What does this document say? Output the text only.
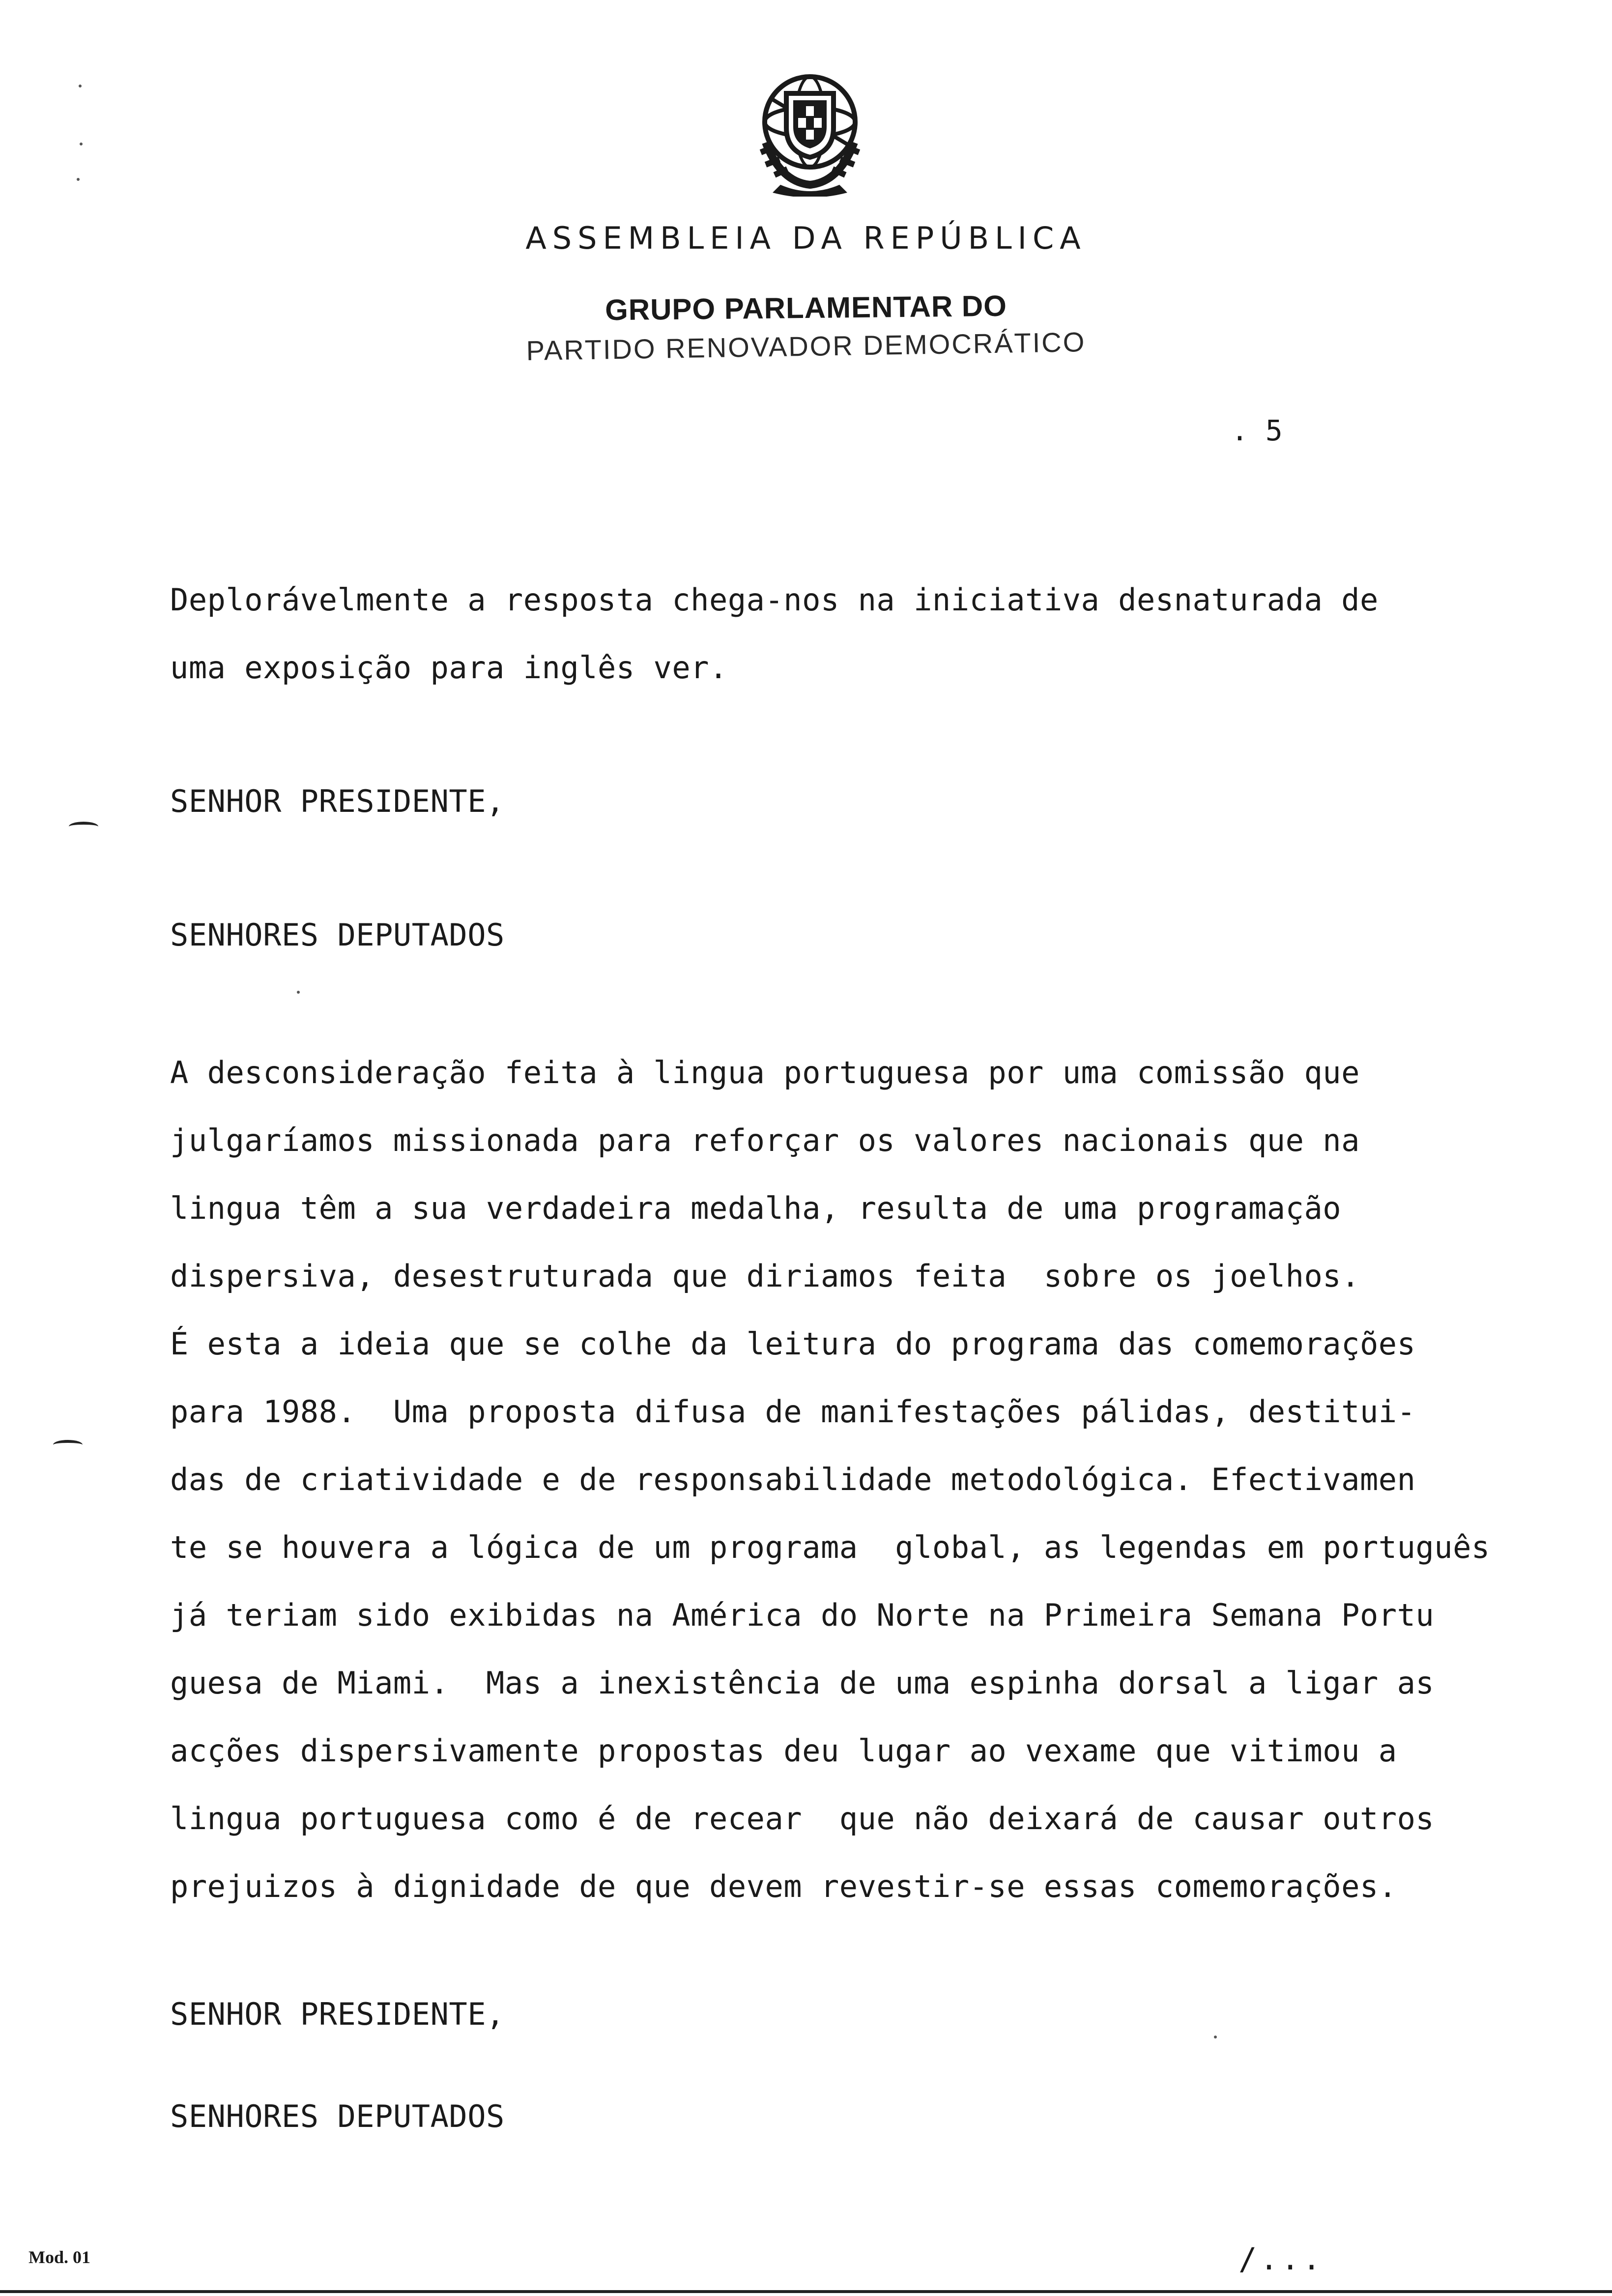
ASSEMBLEIA DA REPÚBLICA
GRUPO PARLAMENTAR DO
PARTIDO RENOVADOR DEMOCRÁTICO
. 5
Deplorávelmente a resposta chega-nos na iniciativa desnaturada de
uma exposição para inglês ver.
SENHOR PRESIDENTE,
SENHORES DEPUTADOS
A desconsideração feita à lingua portuguesa por uma comissão que
julgaríamos missionada para reforçar os valores nacionais que na
lingua têm a sua verdadeira medalha, resulta de uma programação
dispersiva, desestruturada que diriamos feita  sobre os joelhos.
É esta a ideia que se colhe da leitura do programa das comemorações
para 1988.  Uma proposta difusa de manifestações pálidas, destitui-
das de criatividade e de responsabilidade metodológica. Efectivamen
te se houvera a lógica de um programa  global, as legendas em português
já teriam sido exibidas na América do Norte na Primeira Semana Portu
guesa de Miami.  Mas a inexistência de uma espinha dorsal a ligar as
acções dispersivamente propostas deu lugar ao vexame que vitimou a
lingua portuguesa como é de recear  que não deixará de causar outros
prejuizos à dignidade de que devem revestir-se essas comemorações.
SENHOR PRESIDENTE,
SENHORES DEPUTADOS
/...
Mod. 01
